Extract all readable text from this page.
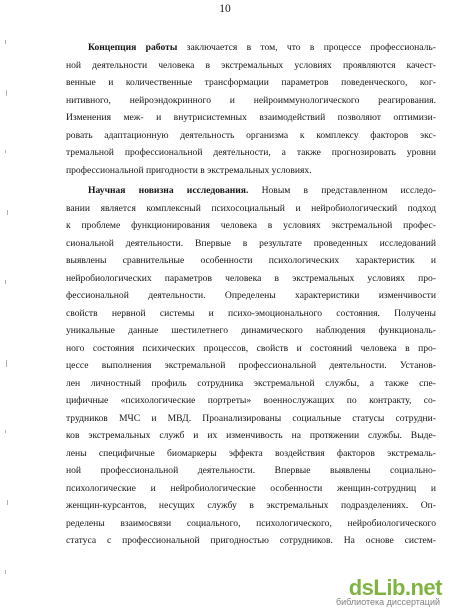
10
Концепция работы заключается в том, что в процессе профессиональ-
ной деятельности человека в экстремальных условиях проявляются качест-
венные и количественные трансформации параметров поведенческого, ког-
нитивного, нейроэндокринного и нейроиммунологического реагирования.
Изменения меж- и внутрисистемных взаимодействий позволяют оптимизи-
ровать адаптационную деятельность организма к комплексу факторов экс-
тремальной профессиональной деятельности, а также прогнозировать уровни
профессиональной пригодности в экстремальных условиях.
Научная новизна исследования. Новым в представленном исследо-
вании является комплексный психосоциальный и нейробиологический подход
к проблеме функционирования человека в условиях экстремальной профес-
сиональной деятельности. Впервые в результате проведенных исследований
выявлены сравнительные особенности психологических характеристик и
нейробиологических параметров человека в экстремальных условиях про-
фессиональной деятельности. Определены характеристики изменчивости
свойств нервной системы и психо-эмоционального состояния. Получены
уникальные данные шестилетнего динамического наблюдения функциональ-
ного состояния психических процессов, свойств и состояний человека в про-
цессе выполнения экстремальной профессиональной деятельности. Установ-
лен личностный профиль сотрудника экстремальной службы, а также спе-
цифичные «психологические портреты» военнослужащих по контракту, со-
трудников МЧС и МВД. Проанализированы социальные статусы сотрудни-
ков экстремальных служб и их изменчивость на протяжении службы. Выде-
лены специфичные биомаркеры эффекта воздействия факторов экстремаль-
ной профессиональной деятельности. Впервые выявлены социально-
психологические и нейробиологические особенности женщин-сотрудниц и
женщин-курсантов, несущих службу в экстремальных подразделениях. Оп-
ределены взаимосвязи социального, психологического, нейробиологического
статуса с профессиональной пригодностью сотрудников. На основе систем-
dsLib.net
библиотека диссертаций
